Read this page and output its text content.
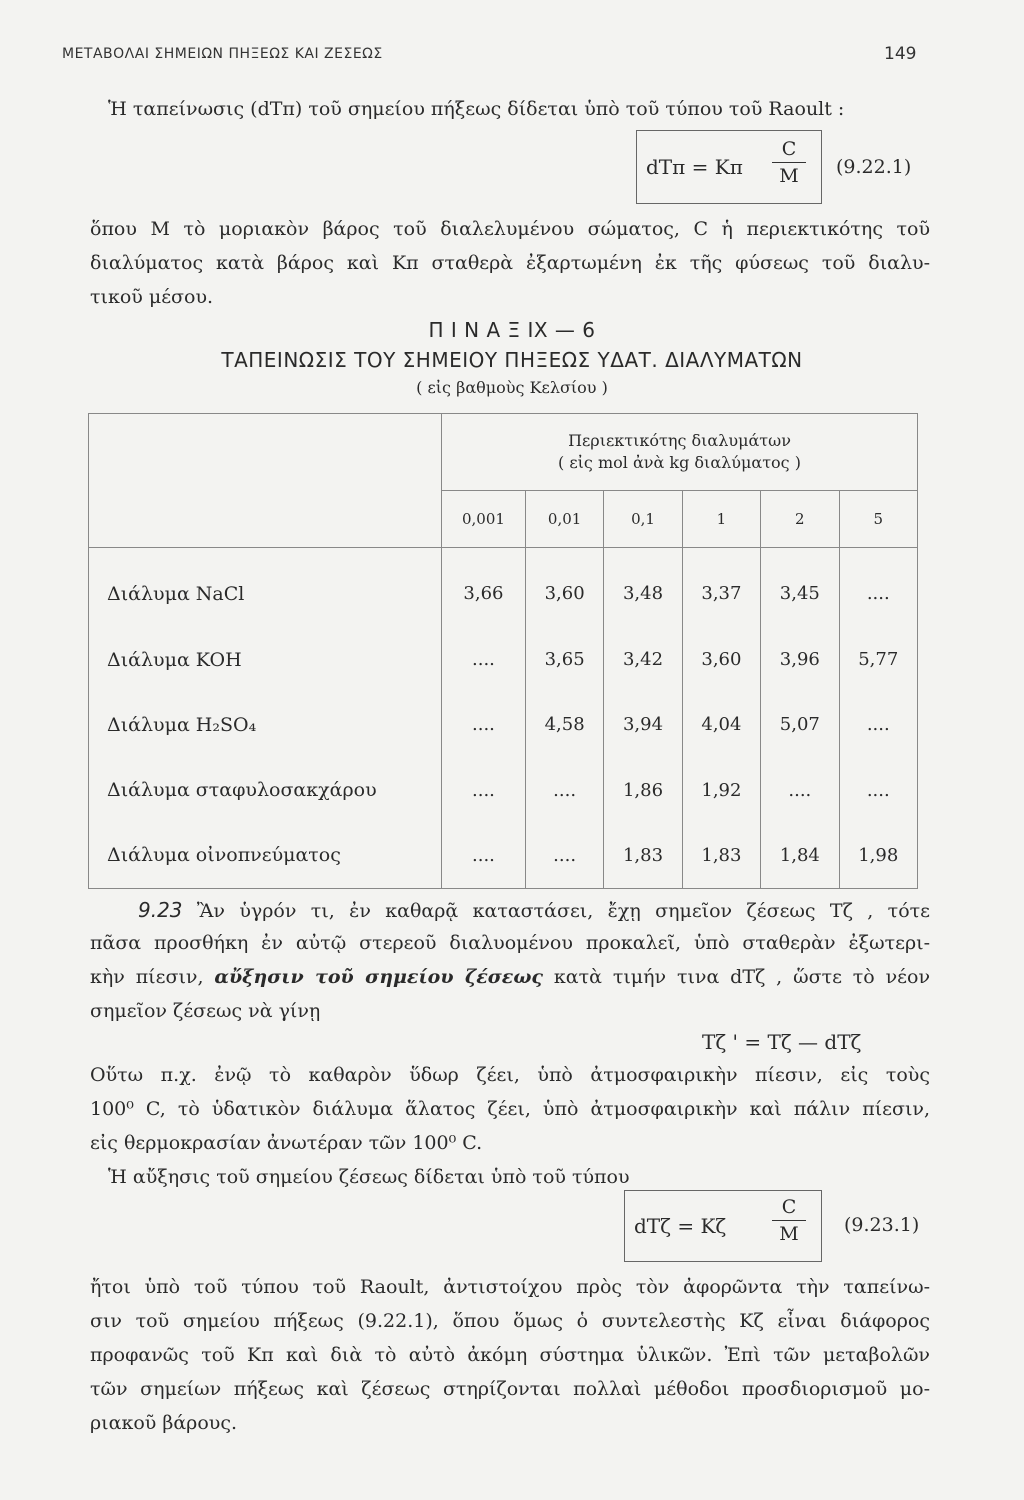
ΜΕΤΑΒΟΛΑΙ ΣΗΜΕΙΩΝ ΠΗΞΕΩΣ ΚΑΙ ΖΕΣΕΩΣ	149
Ἡ ταπείνωσις (dTπ) τοῦ σημείου πήξεως δίδεται ὑπὸ τοῦ τύπου τοῦ Raoult :
dTπ = Kπ
C
M	(9.22.1)
ὅπου M τὸ μοριακὸν βάρος τοῦ διαλελυμένου σώματος, C ἡ περιεκτικότης τοῦ
διαλύματος κατὰ βάρος καὶ Kπ σταθερὰ ἐξαρτωμένη ἐκ τῆς φύσεως τοῦ διαλυ-
τικοῦ μέσου.
Π Ι Ν Α Ξ IX — 6
ΤΑΠΕΙΝΩΣΙΣ ΤΟΥ ΣΗΜΕΙΟΥ ΠΗΞΕΩΣ ΥΔΑΤ. ΔΙΑΛΥΜΑΤΩΝ
( εἰς βαθμοὺς Κελσίου )
	Περιεκτικότης διαλυμάτων
( εἰς mol ἀνὰ kg διαλύματος )					
	0,001	0,01	0,1	1	2	5
Διάλυμα NaCl	3,66	3,60	3,48	3,37	3,45	....
Διάλυμα KOH	....	3,65	3,42	3,60	3,96	5,77
Διάλυμα H₂SO₄	....	4,58	3,94	4,04	5,07	....
Διάλυμα σταφυλοσακχάρου	....	....	1,86	1,92	....	....
Διάλυμα οἰνοπνεύματος	....	....	1,83	1,83	1,84	1,98
9.23 Ἂν ὑγρόν τι, ἐν καθαρᾷ καταστάσει, ἔχῃ σημεῖον ζέσεως Tζ , τότε
πᾶσα προσθήκη ἐν αὐτῷ στερεοῦ διαλυομένου προκαλεῖ, ὑπὸ σταθερὰν ἐξωτερι-
κὴν πίεσιν, αὔξησιν τοῦ σημείου ζέσεως κατὰ τιμήν τινα dTζ , ὥστε τὸ νέον
σημεῖον ζέσεως νὰ γίνῃ
Tζ ' = Tζ — dTζ
Οὕτω π.χ. ἐνῷ τὸ καθαρὸν ὕδωρ ζέει, ὑπὸ ἀτμοσφαιρικὴν πίεσιν, εἰς τοὺς
100⁰ C, τὸ ὑδατικὸν διάλυμα ἅλατος ζέει, ὑπὸ ἀτμοσφαιρικὴν καὶ πάλιν πίεσιν,
εἰς θερμοκρασίαν ἀνωτέραν τῶν 100⁰ C.
Ἡ αὔξησις τοῦ σημείου ζέσεως δίδεται ὑπὸ τοῦ τύπου
dTζ = Kζ
C
M	(9.23.1)
ἤτοι ὑπὸ τοῦ τύπου τοῦ Raoult, ἀντιστοίχου πρὸς τὸν ἀφορῶντα τὴν ταπείνω-
σιν τοῦ σημείου πήξεως (9.22.1), ὅπου ὅμως ὁ συντελεστὴς Kζ εἶναι διάφορος
προφανῶς τοῦ Kπ καὶ διὰ τὸ αὐτὸ ἀκόμη σύστημα ὑλικῶν. Ἐπὶ τῶν μεταβολῶν
τῶν σημείων πήξεως καὶ ζέσεως στηρίζονται πολλαὶ μέθοδοι προσδιορισμοῦ μο-
ριακοῦ βάρους.
